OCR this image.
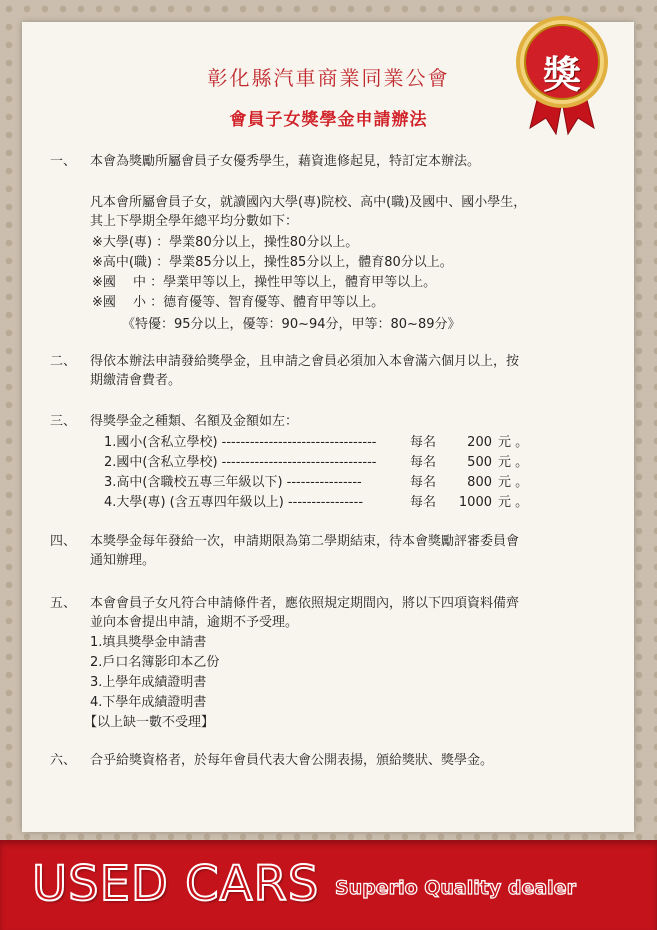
獎
彰化縣汽車商業同業公會
會員子女獎學金申請辦法
一、 本會為獎勵所屬會員子女優秀學生，藉資進修起見，特訂定本辦法。
凡本會所屬會員子女，就讀國內大學(專)院校、高中(職)及國中、國小學生，
其上下學期全學年總平均分數如下：
※大學(專) ：學業80分以上，操性80分以上。
※高中(職) ：學業85分以上，操性85分以上，體育80分以上。
※國　 中 ：學業甲等以上，操性甲等以上，體育甲等以上。
※國　 小 ：德育優等、智育優等、體育甲等以上。
《特優：95分以上，優等：90~94分，甲等：80~89分》
二、 得依本辦法申請發給獎學金，且申請之會員必須加入本會滿六個月以上，按
期繳清會費者。
三、 得獎學金之種類、名額及金額如左：
1.國小(含私立學校) ---------------------------------	每名	200 元 。
2.國中(含私立學校) ---------------------------------	每名	500 元 。
3.高中(含職校五專三年級以下) ----------------	每名	800 元 。
4.大學(專) (含五專四年級以上) ----------------	每名	1000 元 。
四、 本獎學金每年發給一次，申請期限為第二學期結束，待本會獎勵評審委員會
通知辦理。
五、 本會會員子女凡符合申請條件者，應依照規定期間內，將以下四項資料備齊
並向本會提出申請，逾期不予受理。
1.填具獎學金申請書
2.戶口名簿影印本乙份
3.上學年成績證明書
4.下學年成績證明書
【以上缺一數不受理】
六、 合乎給獎資格者，於每年會員代表大會公開表揚，頒給獎狀、獎學金。
USED CARS Superio Quality dealer
